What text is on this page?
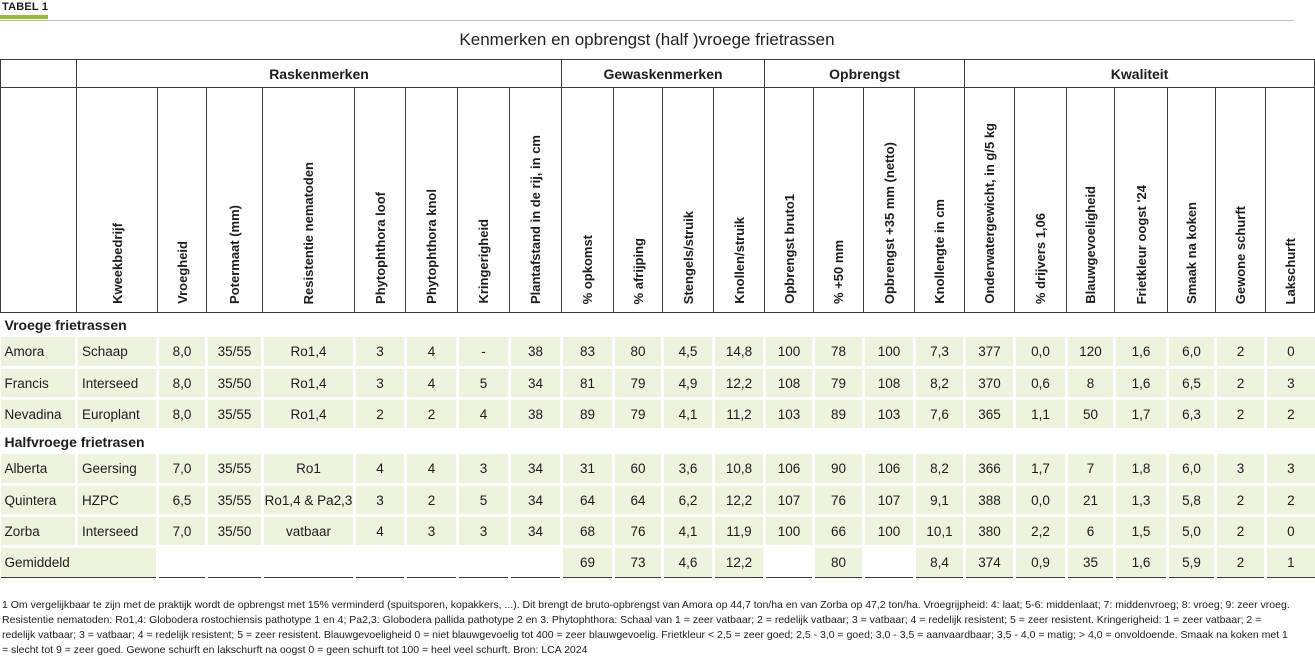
TABEL 1
Kenmerken en opbrengst (half )vroege frietrassen
	Raskenmerken								Gewaskenmerken				Opbrengst				Kwaliteit						

	Kweekbedrijf	Vroegheid	Potermaat (mm)	Resistentie nematoden	Phytophthora loof	Phytophthora knol	Kringerigheid	Plantafstand in de rij, in cm	% opkomst	% afrijping	Stengels/struik	Knollen/struik	Opbrengst bruto1	% +50 mm	Opbrengst +35 mm (netto)	Knollengte in cm	Onderwatergewicht, in g/5 kg	% drijvers 1,06	Blauwgevoeligheid	Frietkleur oogst '24	Smaak na koken	Gewone schurft	Lakschurft

Vroege frietrassen																							
Amora	Schaap	8,0	35/55	Ro1,4	3	4	-	38	83	80	4,5	14,8	100	78	100	7,3	377	0,0	120	1,6	6,0	2	0
Francis	Interseed	8,0	35/50	Ro1,4	3	4	5	34	81	79	4,9	12,2	108	79	108	8,2	370	0,6	8	1,6	6,5	2	3
Nevadina	Europlant	8,0	35/55	Ro1,4	2	2	4	38	89	79	4,1	11,2	103	89	103	7,6	365	1,1	50	1,7	6,3	2	2
Halfvroege frietrasen																							
Alberta	Geersing	7,0	35/55	Ro1	4	4	3	34	31	60	3,6	10,8	106	90	106	8,2	366	1,7	7	1,8	6,0	3	3
Quintera	HZPC	6,5	35/55	Ro1,4 & Pa2,3	3	2	5	34	64	64	6,2	12,2	107	76	107	9,1	388	0,0	21	1,3	5,8	2	2
Zorba	Interseed	7,0	35/50	vatbaar	4	3	3	34	68	76	4,1	11,9	100	66	100	10,1	380	2,2	6	1,5	5,0	2	0
Gemiddeld									69	73	4,6	12,2		80		8,4	374	0,9	35	1,6	5,9	2	1
1 Om vergelijkbaar te zijn met de praktijk wordt de opbrengst met 15% verminderd (spuitsporen, kopakkers, ...). Dit brengt de bruto-opbrengst van Amora op 44,7 ton/ha en van Zorba op 47,2 ton/ha. Vroegrijpheid: 4: laat; 5-6: middenlaat; 7: middenvroeg; 8: vroeg; 9: zeer vroeg. Resistentie nematoden: Ro1,4: Globodera rostochiensis pathotype 1 en 4; Pa2,3: Globodera pallida pathotype 2 en 3. Phytophthora: Schaal van 1 = zeer vatbaar; 2 = redelijk vatbaar; 3 = vatbaar; 4 = redelijk resistent; 5 = zeer resistent. Kringerigheid: 1 = zeer vatbaar; 2 = redelijk vatbaar; 3 = vatbaar; 4 = redelijk resistent; 5 = zeer resistent. Blauwgevoeligheid 0 = niet blauwgevoelig tot 400 = zeer blauwgevoelig. Frietkleur < 2,5 = zeer goed; 2,5 - 3,0 = goed; 3,0 - 3,5 = aanvaardbaar; 3,5 - 4,0 = matig; > 4,0 = onvoldoende. Smaak na koken met 1 = slecht tot 9 = zeer goed. Gewone schurft en lakschurft na oogst 0 = geen schurft tot 100 = heel veel schurft. Bron: LCA 2024
